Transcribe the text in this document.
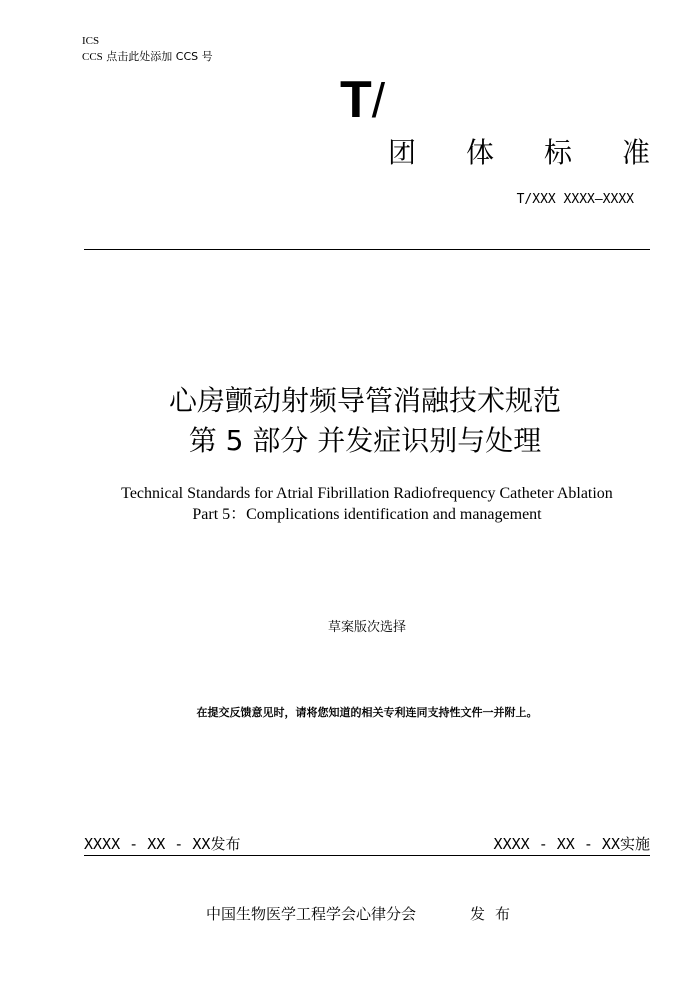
ICS
CCS 点击此处添加 CCS 号
T/
团 体 标 准
T/XXX XXXX—XXXX
心房颤动射频导管消融技术规范
第 5 部分 并发症识别与处理
Technical Standards for Atrial Fibrillation Radiofrequency Catheter Ablation
Part 5：Complications identification and management
草案版次选择
在提交反馈意见时，请将您知道的相关专利连同支持性文件一并附上。
XXXX - XX - XX发布	XXXX - XX - XX实施
中国生物医学工程学会心律分会	发布
